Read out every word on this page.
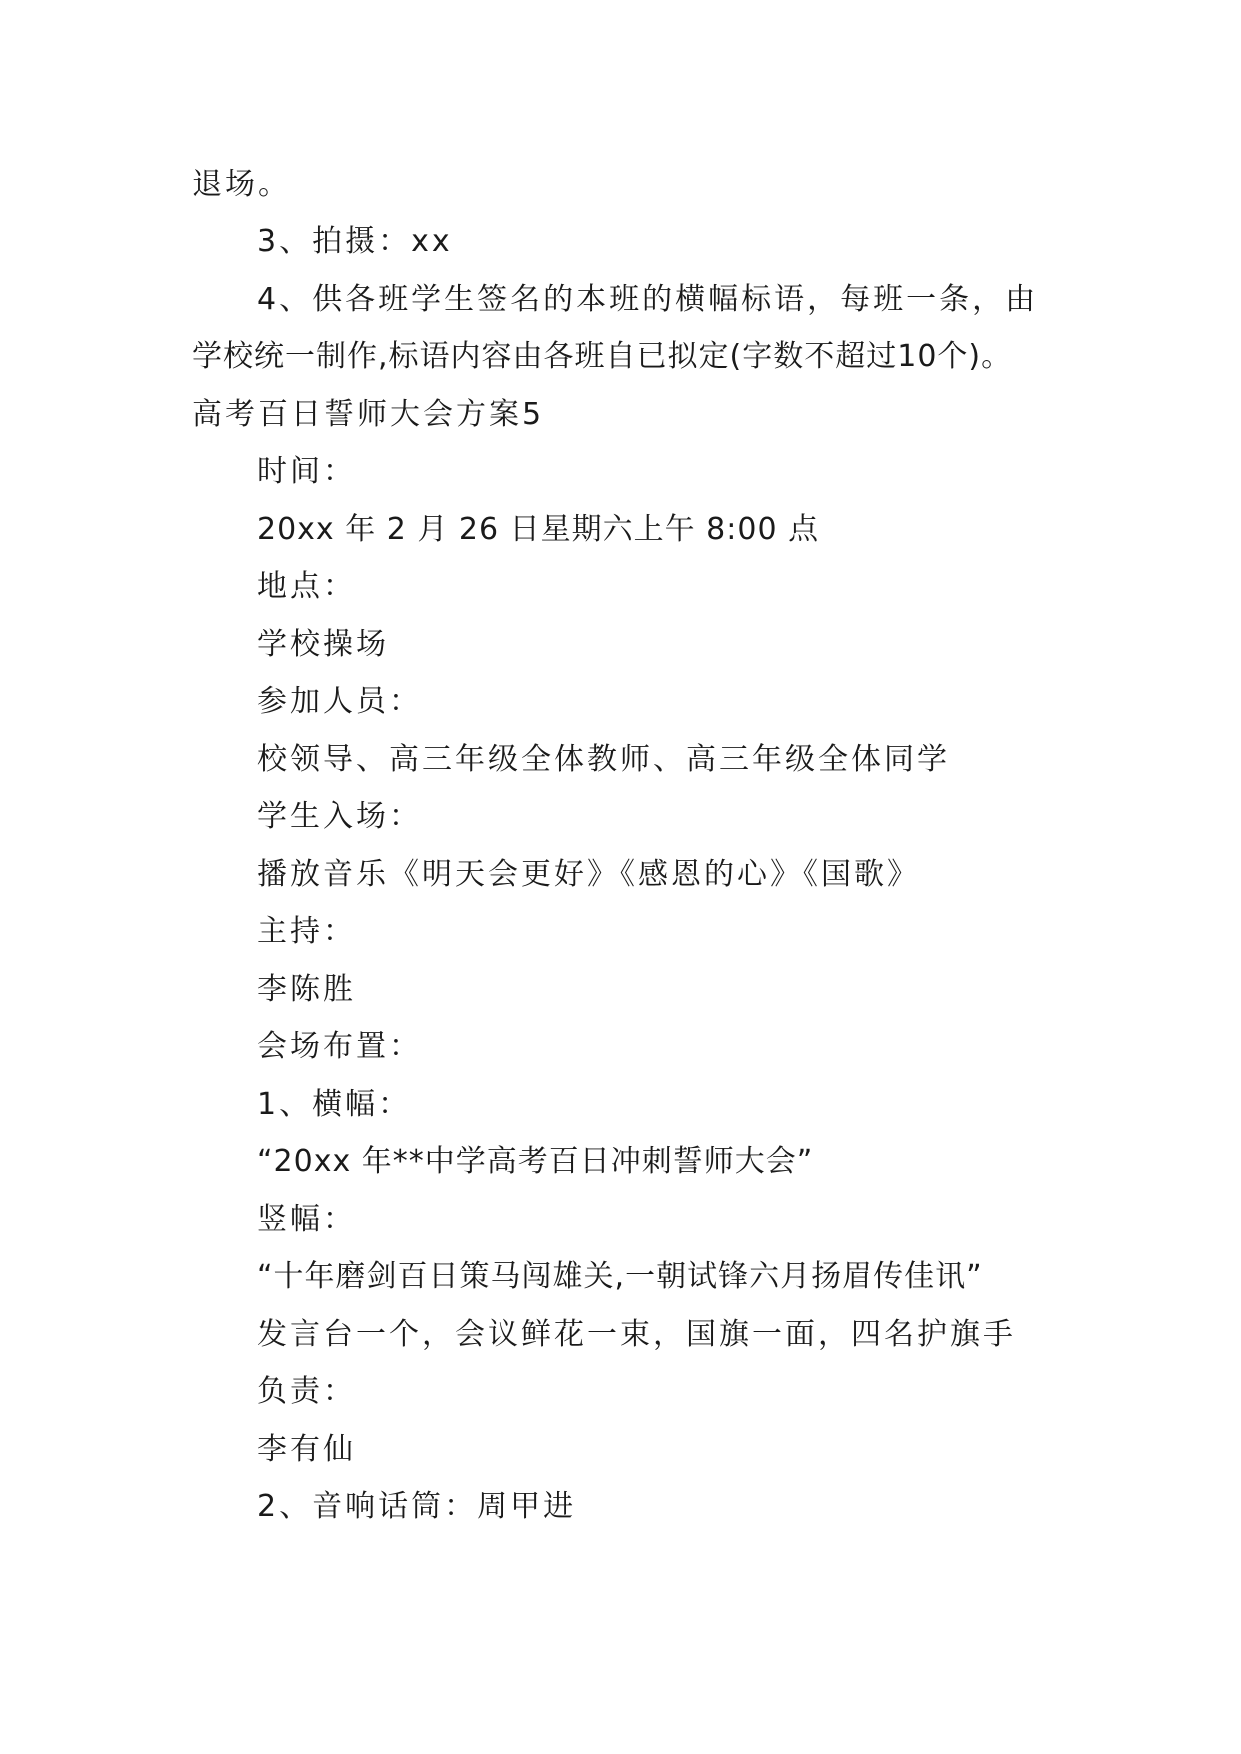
退场。
3、拍摄：xx
4、供各班学生签名的本班的横幅标语，每班一条，由
学校统一制作,标语内容由各班自已拟定(字数不超过10个)。
高考百日誓师大会方案5
时间：
20xx 年 2 月 26 日星期六上午 8:00 点
地点：
学校操场
参加人员：
校领导、高三年级全体教师、高三年级全体同学
学生入场：
播放音乐《明天会更好》《感恩的心》《国歌》
主持：
李陈胜
会场布置：
1、横幅：
“20xx 年**中学高考百日冲刺誓师大会”
竖幅：
“十年磨剑百日策马闯雄关,一朝试锋六月扬眉传佳讯”
发言台一个，会议鲜花一束，国旗一面，四名护旗手
负责：
李有仙
2、音响话筒：周甲进
